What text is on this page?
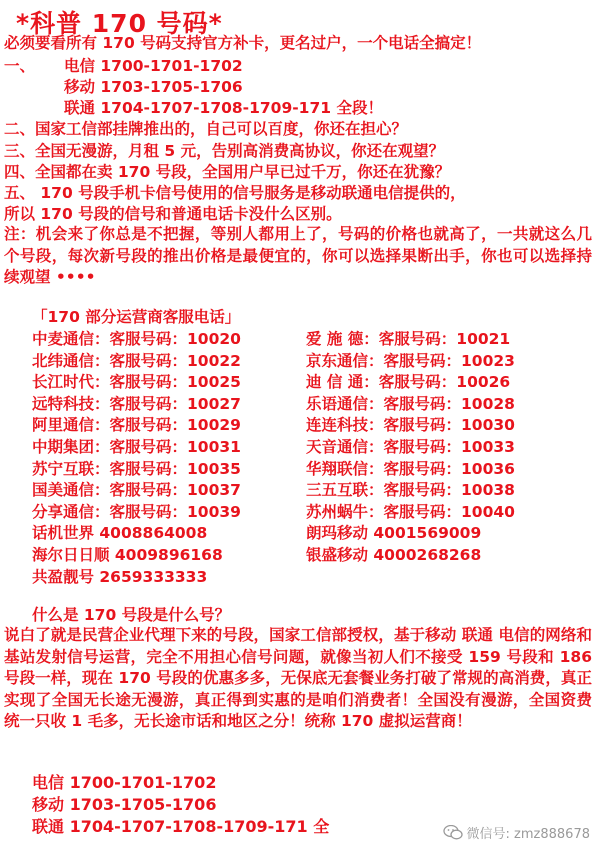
*科普 170 号码*
必须要看所有 170 号码支持官方补卡，更名过户，一个电话全搞定！
一、 电信 1700-1701-1702
移动 1703-1705-1706
联通 1704-1707-1708-1709-171 全段！
二、国家工信部挂牌推出的，自己可以百度，你还在担心？
三、全国无漫游，月租 5 元，告别高消费高协议，你还在观望？
四、全国都在卖 170 号段，全国用户早已过千万，你还在犹豫？
五、 170 号段手机卡信号使用的信号服务是移动联通电信提供的，
所以 170 号段的信号和普通电话卡没什么区别。

注：机会来了你总是不把握，等别人都用上了，号码的价格也就高了，一共就这么几个号段，每次新号段的推出价格是最便宜的，你可以选择果断出手，你也可以选择持续观望 ••••

「170 部分运营商客服电话」
中麦通信：客服号码：10020
北纬通信：客服号码：10022
长江时代：客服号码：10025
远特科技：客服号码：10027
阿里通信：客服号码：10029
中期集团：客服号码：10031
苏宁互联：客服号码：10035
国美通信：客服号码：10037
分享通信：客服号码：10039
话机世界 4008864008
海尔日日顺 4009896168
共盈靓号 2659333333
爱 施 德：客服号码：10021
京东通信：客服号码：10023
迪 信 通：客服号码：10026
乐语通信：客服号码：10028
连连科技：客服号码：10030
天音通信：客服号码：10033
华翔联信：客服号码：10036
三五互联：客服号码：10038
苏州蜗牛：客服号码：10040
朗玛移动 4001569009
银盛移动 4000268268
什么是 170 号段是什么号？

说白了就是民营企业代理下来的号段，国家工信部授权，基于移动 联通 电信的网络和基站发射信号运营，完全不用担心信号问题，就像当初人们不接受 159 号段和 186 号段一样，现在 170 号段的优惠多多，无保底无套餐业务打破了常规的高消费，真正实现了全国无长途无漫游，真正得到实惠的是咱们消费者！全国没有漫游，全国资费统一只收 1 毛多，无长途市话和地区之分！统称 170 虚拟运营商！

电信 1700-1701-1702
移动 1703-1705-1706
联通 1704-1707-1708-1709-171 全	微信号: zmz888678
